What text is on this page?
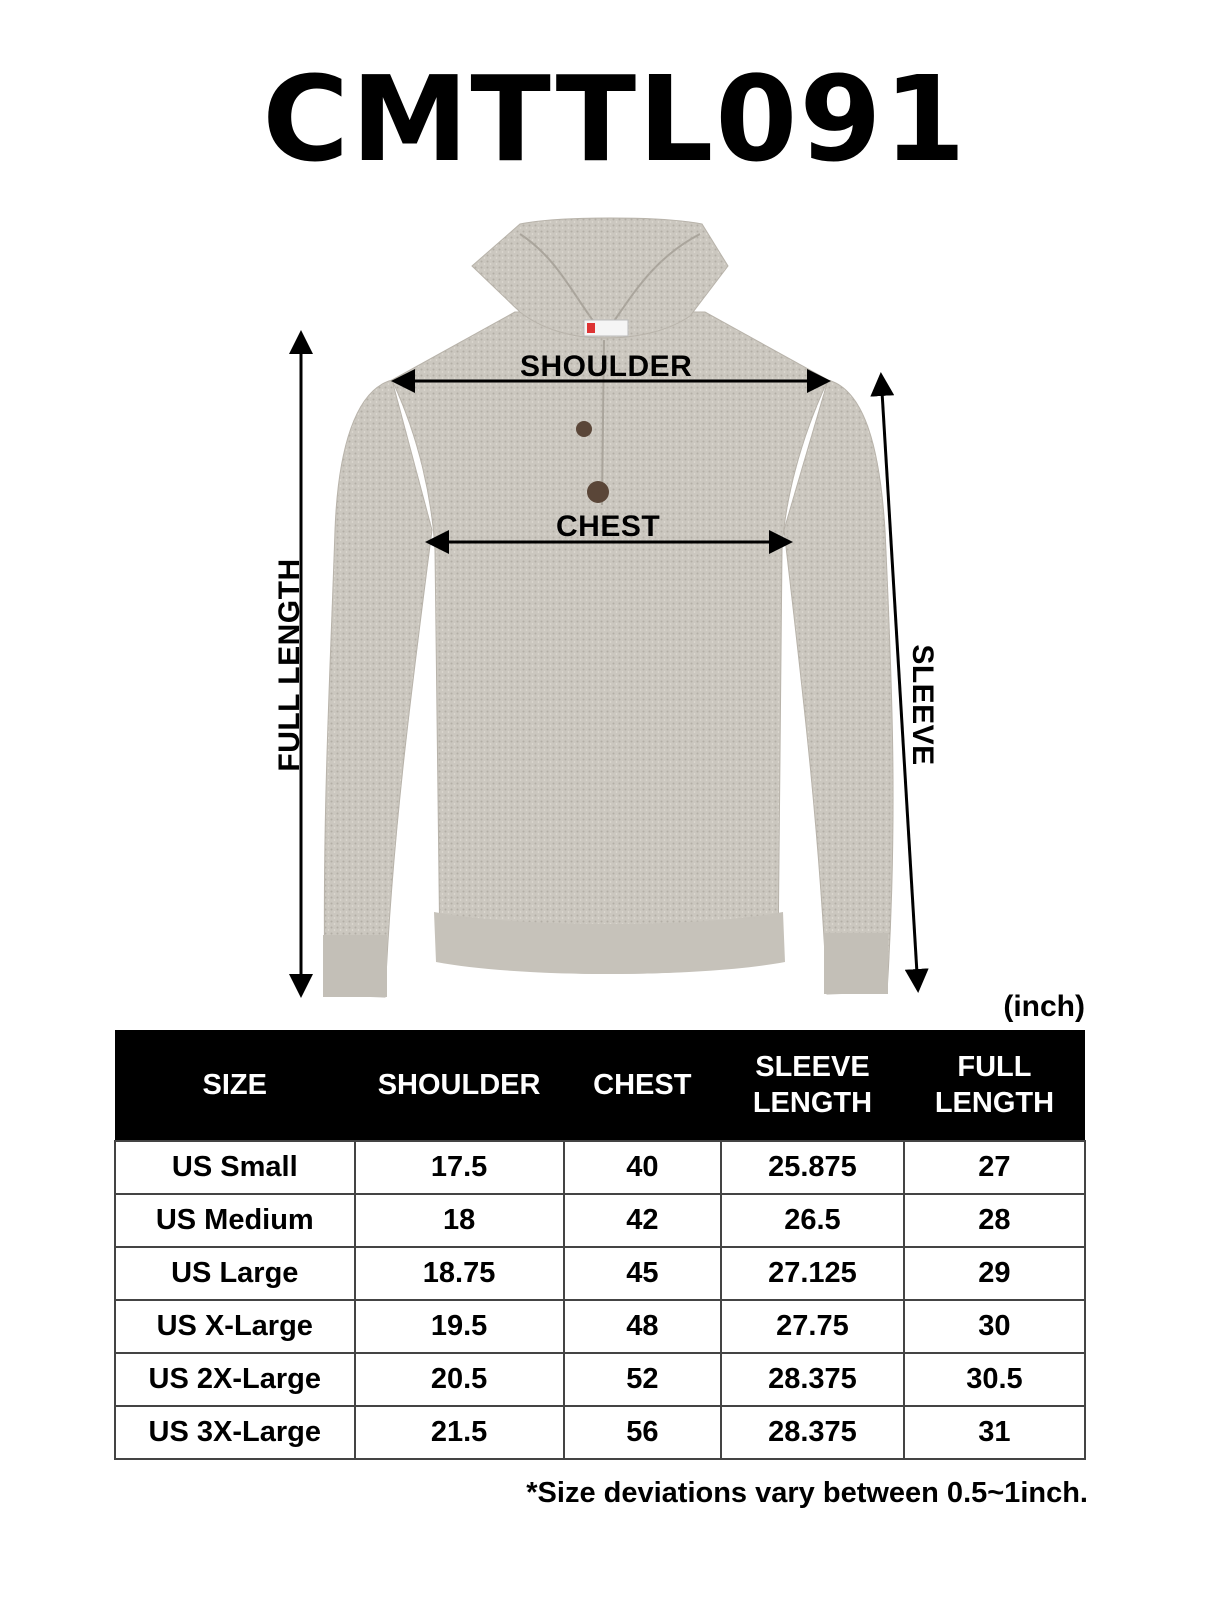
CMTTL091
SHOULDER
CHEST
FULL LENGTH	SLEEVE
(inch)
SIZE	SHOULDER	CHEST	SLEEVE LENGTH	FULL LENGTH
US Small	17.5	40	25.875	27
US Medium	18	42	26.5	28
US Large	18.75	45	27.125	29
US X-Large	19.5	48	27.75	30
US 2X-Large	20.5	52	28.375	30.5
US 3X-Large	21.5	56	28.375	31
*Size deviations vary between 0.5~1inch.
